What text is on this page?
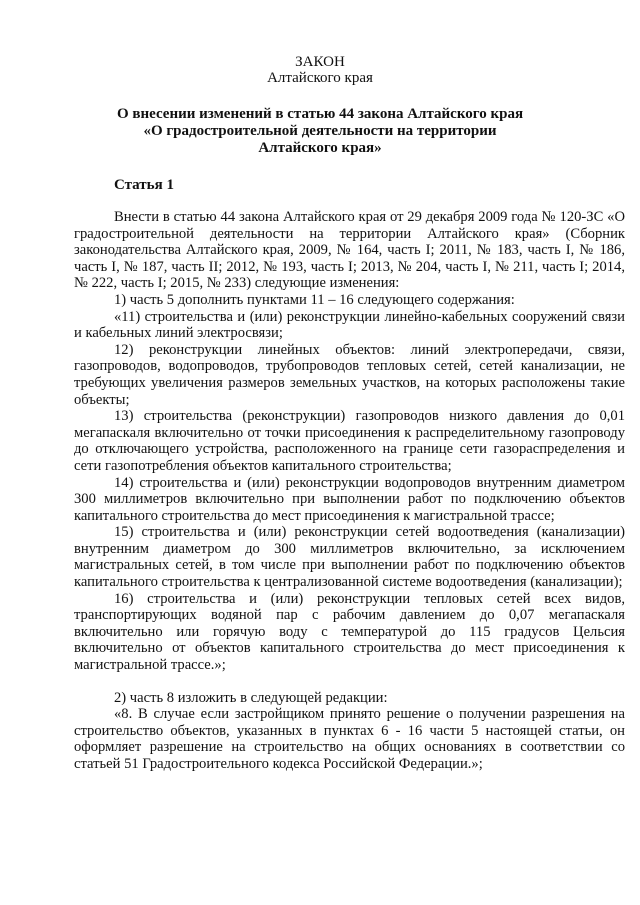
ЗАКОН
Алтайского края
О внесении изменений в статью 44 закона Алтайского края
«О градостроительной деятельности на территории
Алтайского края»
Статья 1

Внести в статью 44 закона Алтайского края от 29 декабря 2009 года № 120-ЗС «О градостроительной деятельности на территории Алтайского края» (Сборник законодательства Алтайского края, 2009, № 164, часть I; 2011, № 183, часть I, № 186, часть I, № 187, часть II; 2012, № 193, часть I; 2013, № 204, часть I, № 211, часть I; 2014, № 222, часть I; 2015, № 233) следующие изменения:

1) часть 5 дополнить пунктами 11 – 16 следующего содержания:

«11) строительства и (или) реконструкции линейно-кабельных сооружений связи и кабельных линий электросвязи;

12) реконструкции линейных объектов: линий электропередачи, связи, газопроводов, водопроводов, трубопроводов тепловых сетей, сетей канализации, не требующих увеличения размеров земельных участков, на которых расположены такие объекты;

13) строительства (реконструкции) газопроводов низкого давления до 0,01 мегапаскаля включительно от точки присоединения к распределительному газопроводу до отключающего устройства, расположенного на границе сети газораспределения и сети газопотребления объектов капитального строительства;

14) строительства и (или) реконструкции водопроводов внутренним диаметром 300 миллиметров включительно при выполнении работ по подключению объектов капитального строительства до мест присоединения к магистральной трассе;

15) строительства и (или) реконструкции сетей водоотведения (канализации) внутренним диаметром до 300 миллиметров включительно, за исключением магистральных сетей, в том числе при выполнении работ по подключению объектов капитального строительства к централизованной системе водоотведения (канализации);

16) строительства и (или) реконструкции тепловых сетей всех видов, транспортирующих водяной пар с рабочим давлением до 0,07 мегапаскаля включительно или горячую воду с температурой до 115 градусов Цельсия включительно от объектов капитального строительства до мест присоединения к магистральной трассе.»;

2) часть 8 изложить в следующей редакции:

«8. В случае если застройщиком принято решение о получении разрешения на строительство объектов, указанных в пунктах 6 - 16 части 5 настоящей статьи, он оформляет разрешение на строительство на общих основаниях в соответствии со статьей 51 Градостроительного кодекса Российской Федерации.»;
